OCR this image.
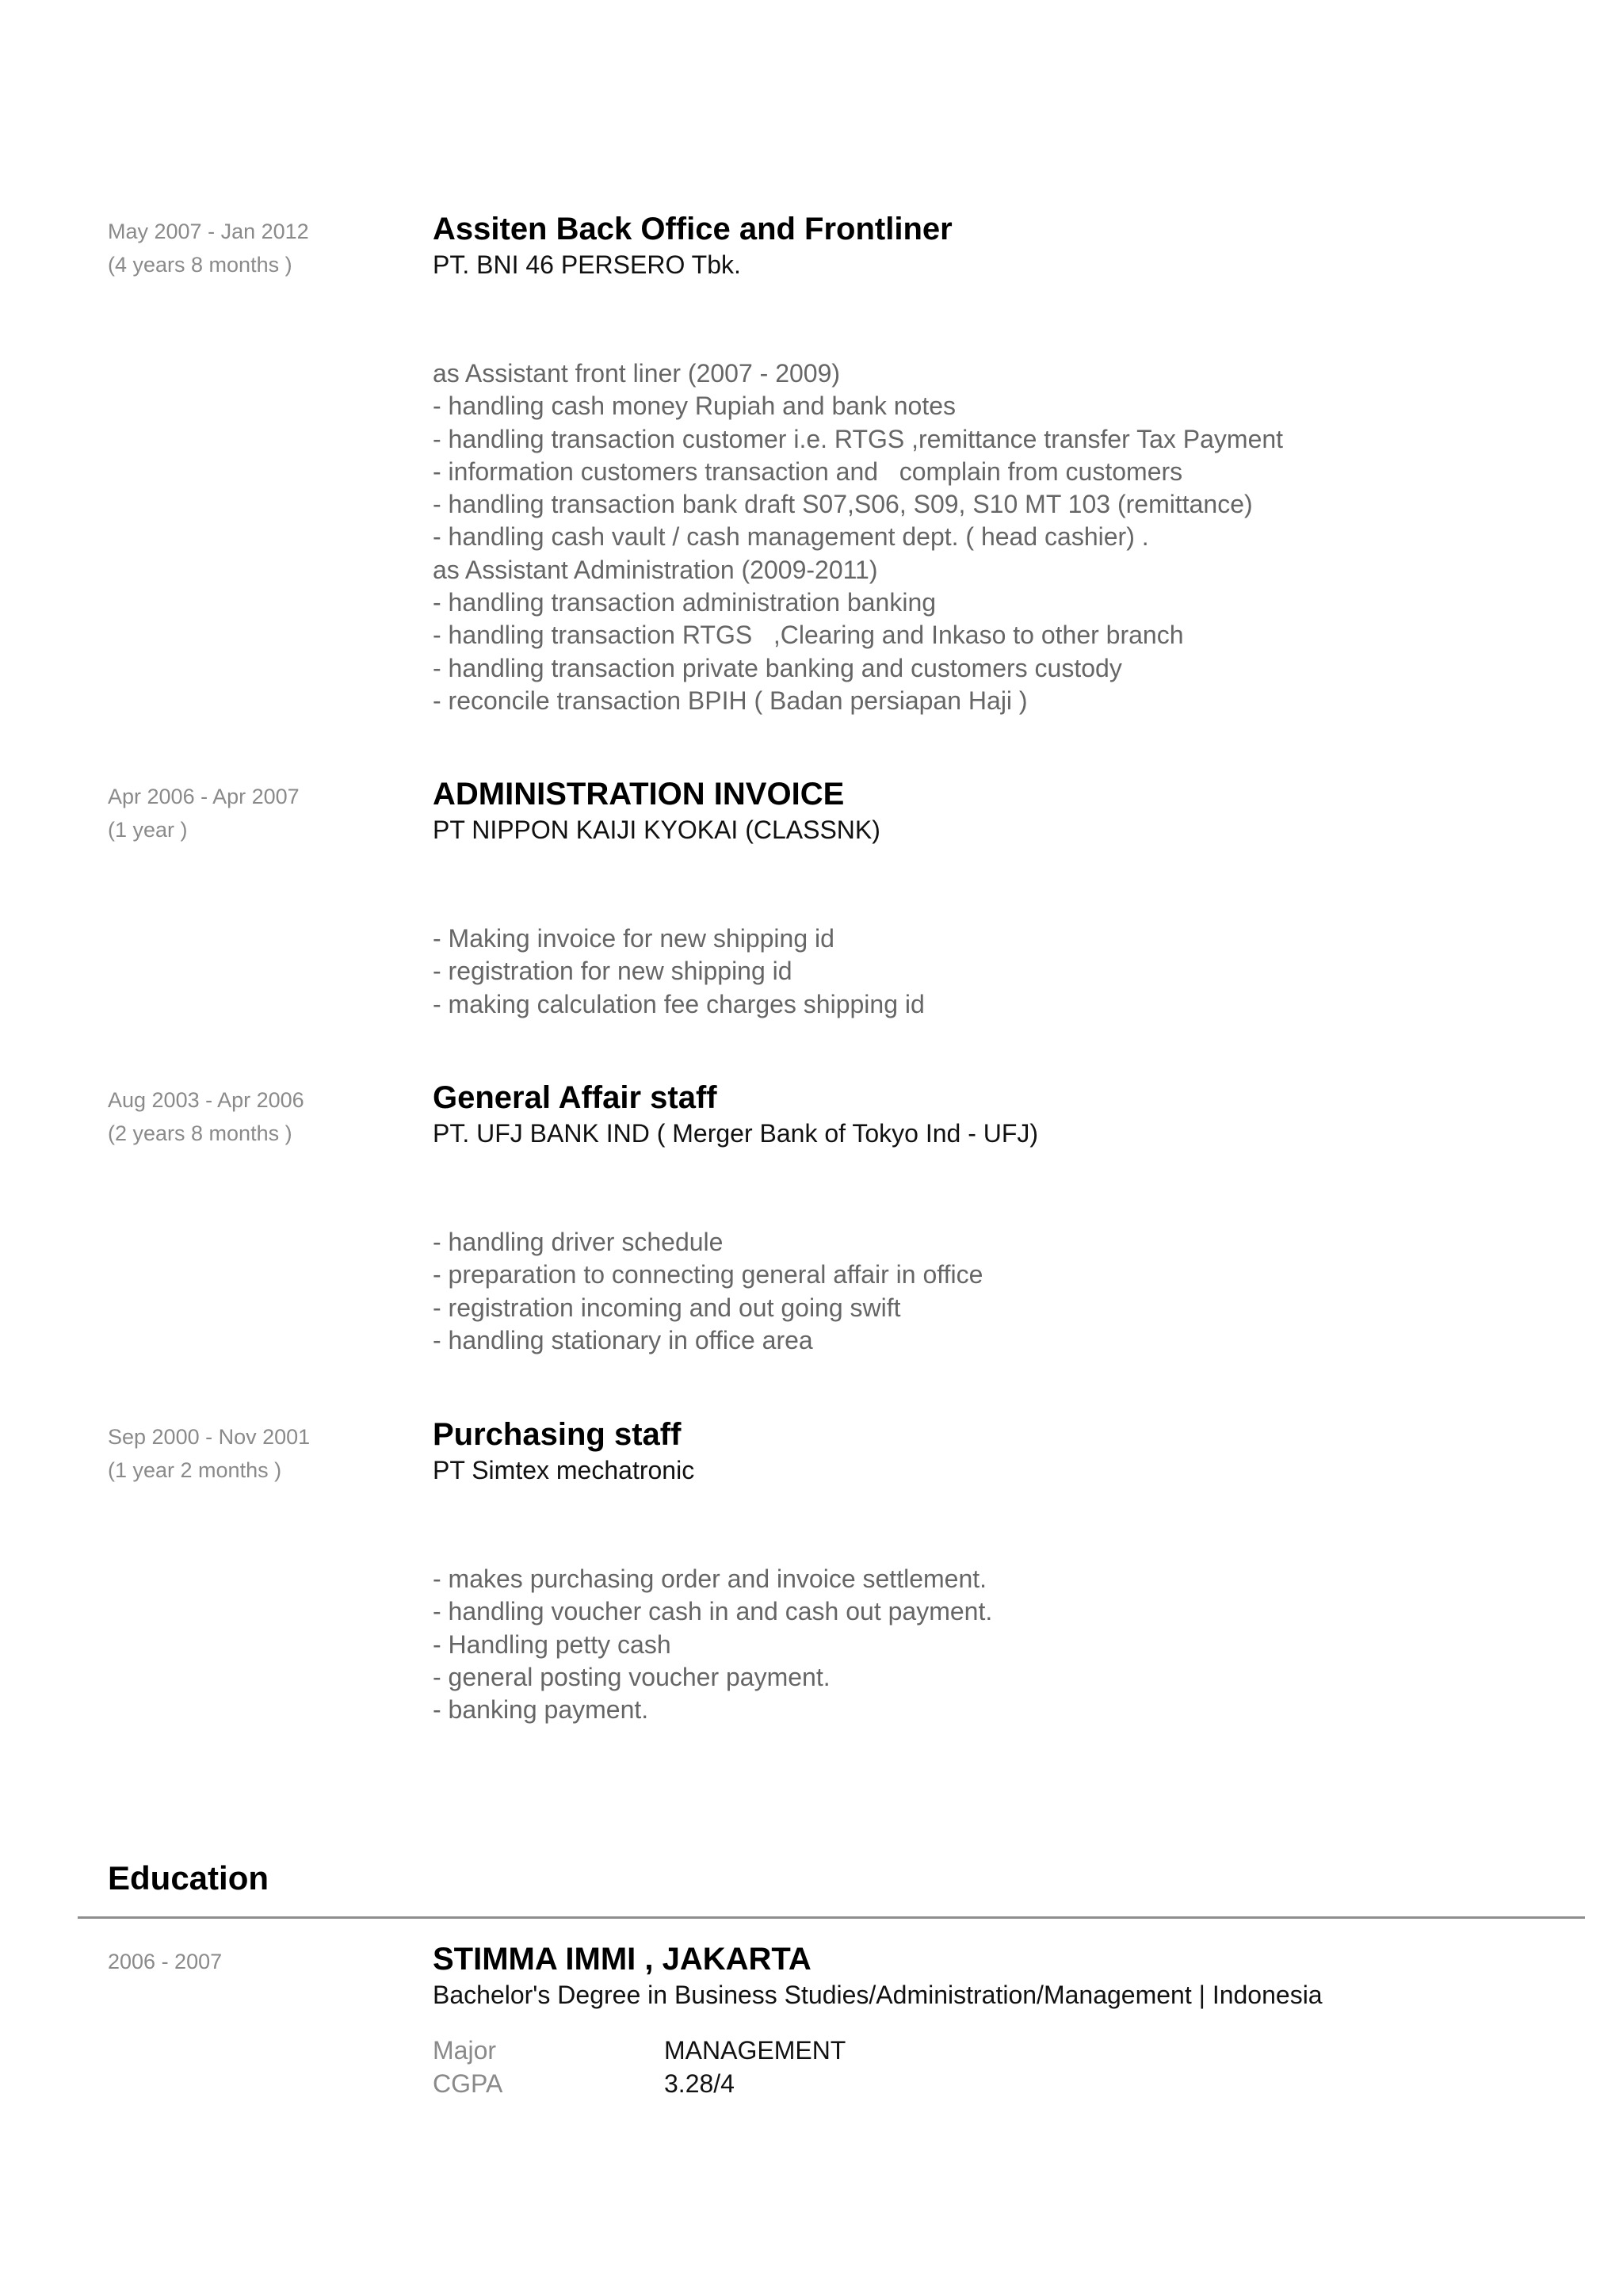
May 2007 - Jan 2012
(4 years 8 months )
Assiten Back Office and Frontliner
PT. BNI 46 PERSERO Tbk.
as Assistant front liner (2007 - 2009)
- handling cash money Rupiah and bank notes
- handling transaction customer i.e. RTGS ,remittance transfer Tax Payment
- information customers transaction and   complain from customers
- handling transaction bank draft S07,S06, S09, S10 MT 103 (remittance)
- handling cash vault / cash management dept. ( head cashier) .
as Assistant Administration (2009-2011)
- handling transaction administration banking
- handling transaction RTGS   ,Clearing and Inkaso to other branch
- handling transaction private banking and customers custody
- reconcile transaction BPIH ( Badan persiapan Haji )
Apr 2006 - Apr 2007
(1 year )
ADMINISTRATION INVOICE
PT NIPPON KAIJI KYOKAI (CLASSNK)
- Making invoice for new shipping id
- registration for new shipping id
- making calculation fee charges shipping id
Aug 2003 - Apr 2006
(2 years 8 months )
General Affair staff
PT. UFJ BANK IND ( Merger Bank of Tokyo Ind - UFJ)
- handling driver schedule
- preparation to connecting general affair in office
- registration incoming and out going swift
- handling stationary in office area
Sep 2000 - Nov 2001
(1 year 2 months )
Purchasing staff
PT Simtex mechatronic
- makes purchasing order and invoice settlement.
- handling voucher cash in and cash out payment.
- Handling petty cash
- general posting voucher payment.
- banking payment.
Education
2006 - 2007	STIMMA IMMI , JAKARTA
Bachelor's Degree in Business Studies/Administration/Management | Indonesia
Major	MANAGEMENT
CGPA	3.28/4
